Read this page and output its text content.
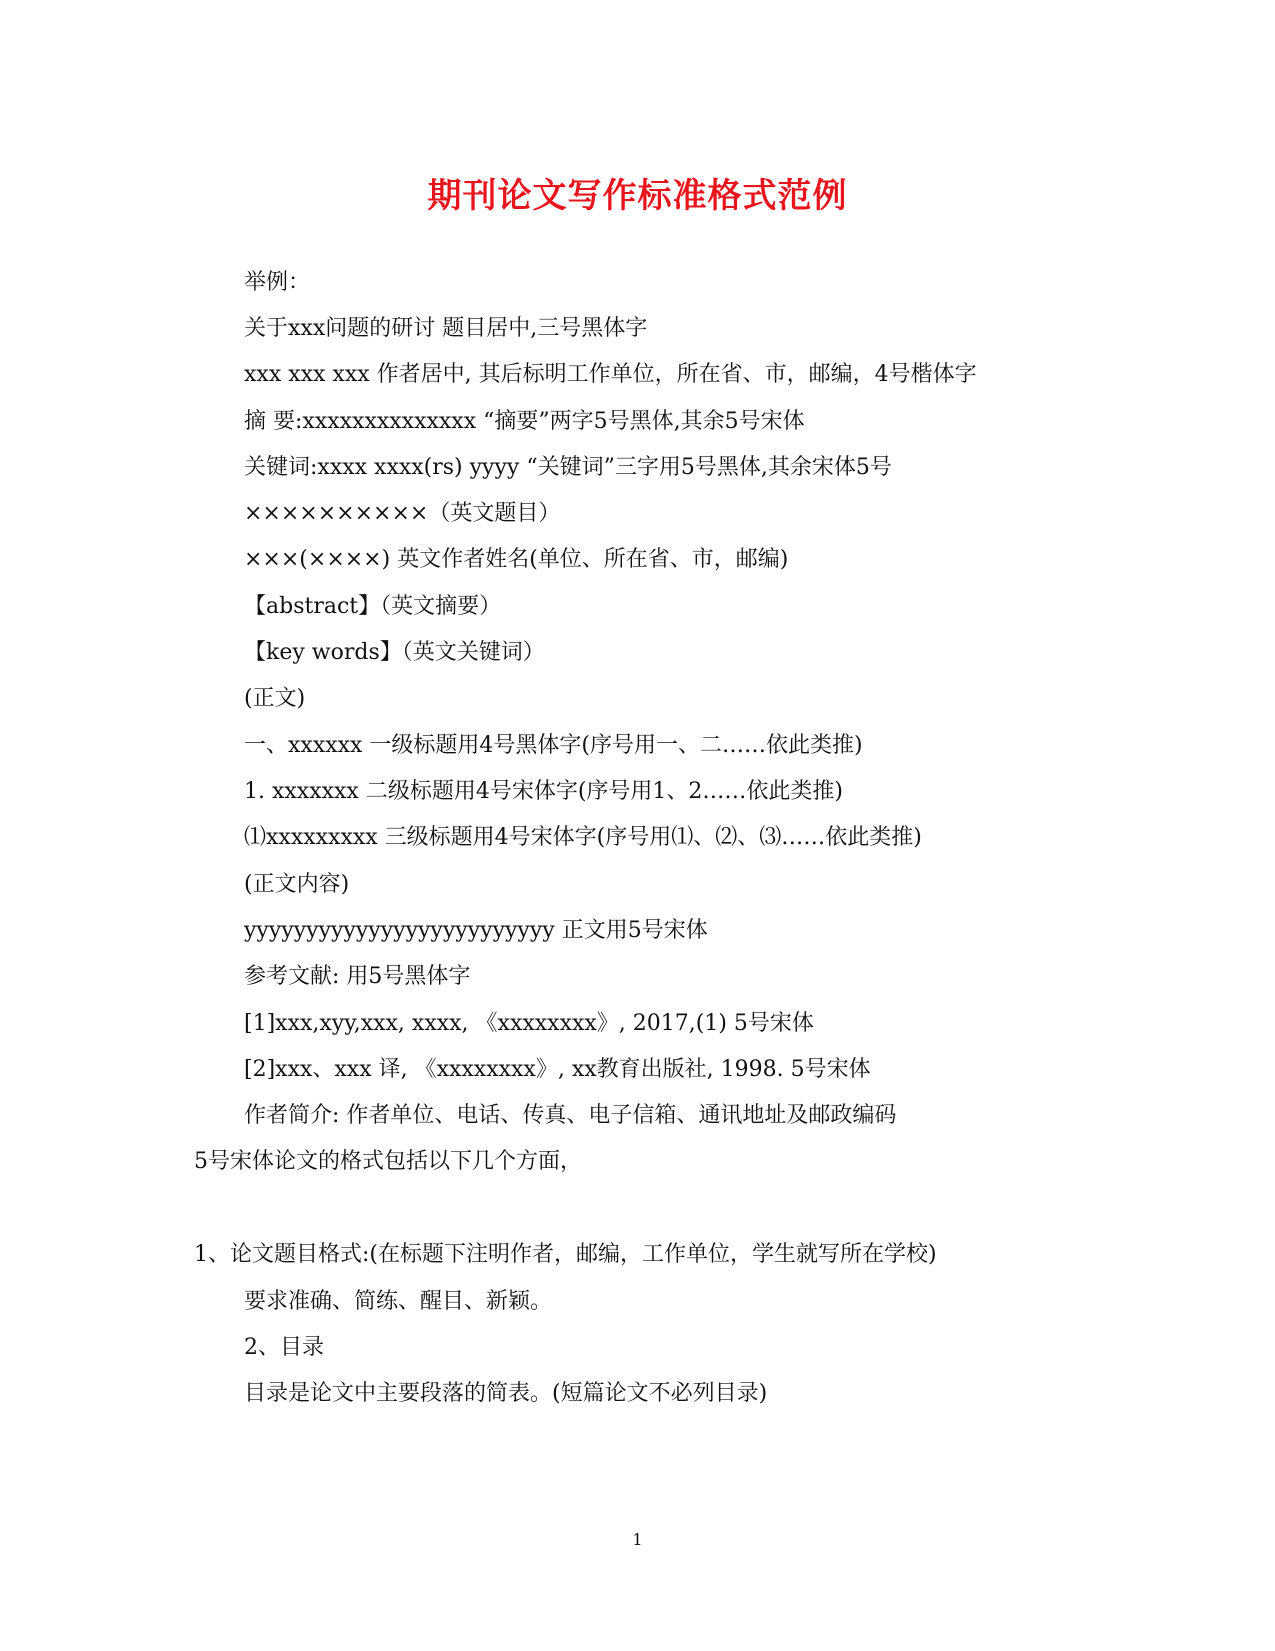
期刊论文写作标准格式范例
举例：
关于xxx问题的研讨 题目居中,三号黑体字
xxx xxx xxx 作者居中, 其后标明工作单位，所在省、市，邮编，4号楷体字
摘 要:xxxxxxxxxxxxxx “摘要”两字5号黑体,其余5号宋体
关键词:xxxx xxxx(rs) yyyy “关键词”三字用5号黑体,其余宋体5号
××××××××××（英文题目）
×××(××××) 英文作者姓名(单位、所在省、市，邮编)
【abstract】（英文摘要）
【key words】（英文关键词）
(正文)
一、xxxxxx 一级标题用4号黑体字(序号用一、二……依此类推)
1. xxxxxxx 二级标题用4号宋体字(序号用1、2……依此类推)
⑴xxxxxxxxx 三级标题用4号宋体字(序号用⑴、⑵、⑶……依此类推)
(正文内容)
yyyyyyyyyyyyyyyyyyyyyyyyy 正文用5号宋体
参考文献: 用5号黑体字
[1]xxx,xyy,xxx, xxxx, 《xxxxxxxx》, 2017,(1) 5号宋体
[2]xxx、xxx 译, 《xxxxxxxx》, xx教育出版社, 1998. 5号宋体
作者简介: 作者单位、电话、传真、电子信箱、通讯地址及邮政编码
5号宋体论文的格式包括以下几个方面，
1、论文题目格式:(在标题下注明作者，邮编，工作单位，学生就写所在学校)
要求准确、简练、醒目、新颖。
2、目录
目录是论文中主要段落的简表。(短篇论文不必列目录)
1
